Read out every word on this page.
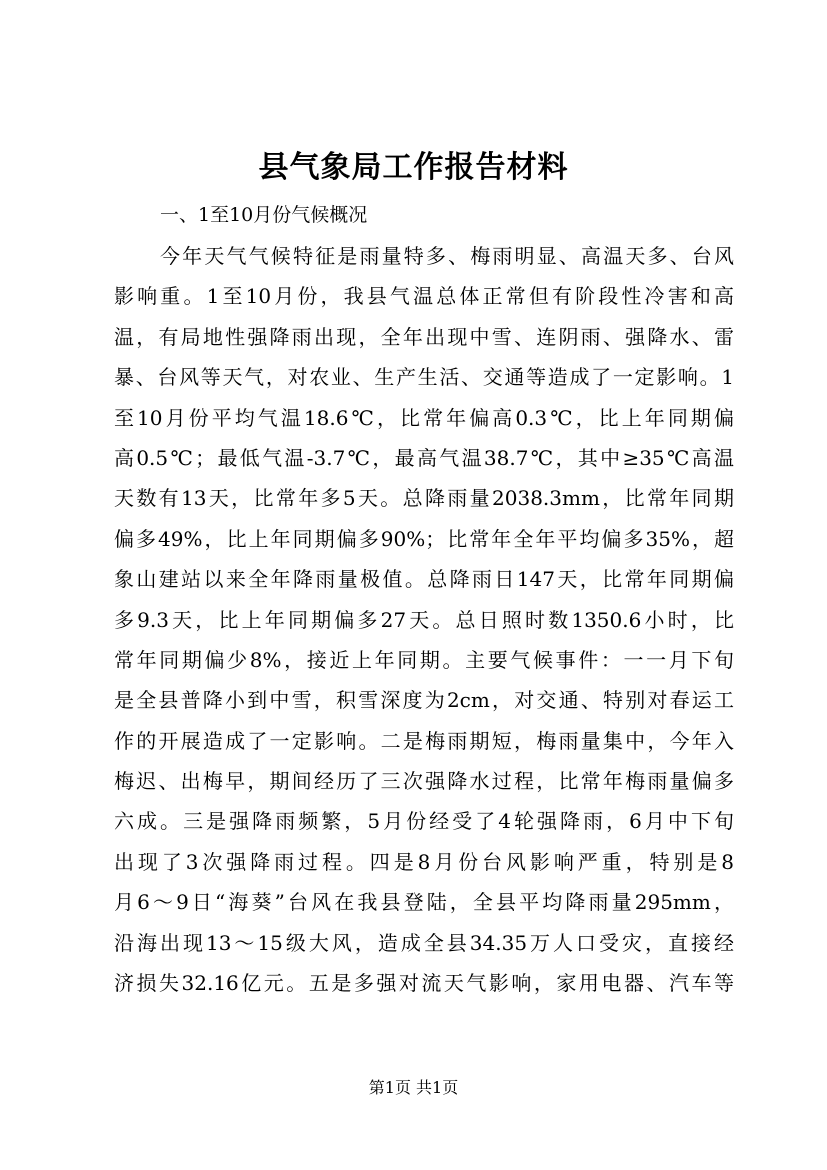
县气象局工作报告材料
一、1至10月份气候概况
今年天气气候特征是雨量特多、梅雨明显、高温天多、台风
影响重。1至10月份，我县气温总体正常但有阶段性冷害和高
温，有局地性强降雨出现，全年出现中雪、连阴雨、强降水、雷
暴、台风等天气，对农业、生产生活、交通等造成了一定影响。1
至10月份平均气温18.6℃，比常年偏高0.3℃，比上年同期偏
高0.5℃；最低气温-3.7℃，最高气温38.7℃，其中≥35℃高温
天数有13天，比常年多5天。总降雨量2038.3mm，比常年同期
偏多49%，比上年同期偏多90%；比常年全年平均偏多35%，超
象山建站以来全年降雨量极值。总降雨日147天，比常年同期偏
多9.3天，比上年同期偏多27天。总日照时数1350.6小时，比
常年同期偏少8%，接近上年同期。主要气候事件：一一月下旬
是全县普降小到中雪，积雪深度为2cm，对交通、特别对春运工
作的开展造成了一定影响。二是梅雨期短，梅雨量集中，今年入
梅迟、出梅早，期间经历了三次强降水过程，比常年梅雨量偏多
六成。三是强降雨频繁，5月份经受了4轮强降雨，6月中下旬
出现了3次强降雨过程。四是8月份台风影响严重，特别是8
月6～9日“海葵”台风在我县登陆，全县平均降雨量295mm，
沿海出现13～15级大风，造成全县34.35万人口受灾，直接经
济损失32.16亿元。五是多强对流天气影响，家用电器、汽车等
第1页 共1页
